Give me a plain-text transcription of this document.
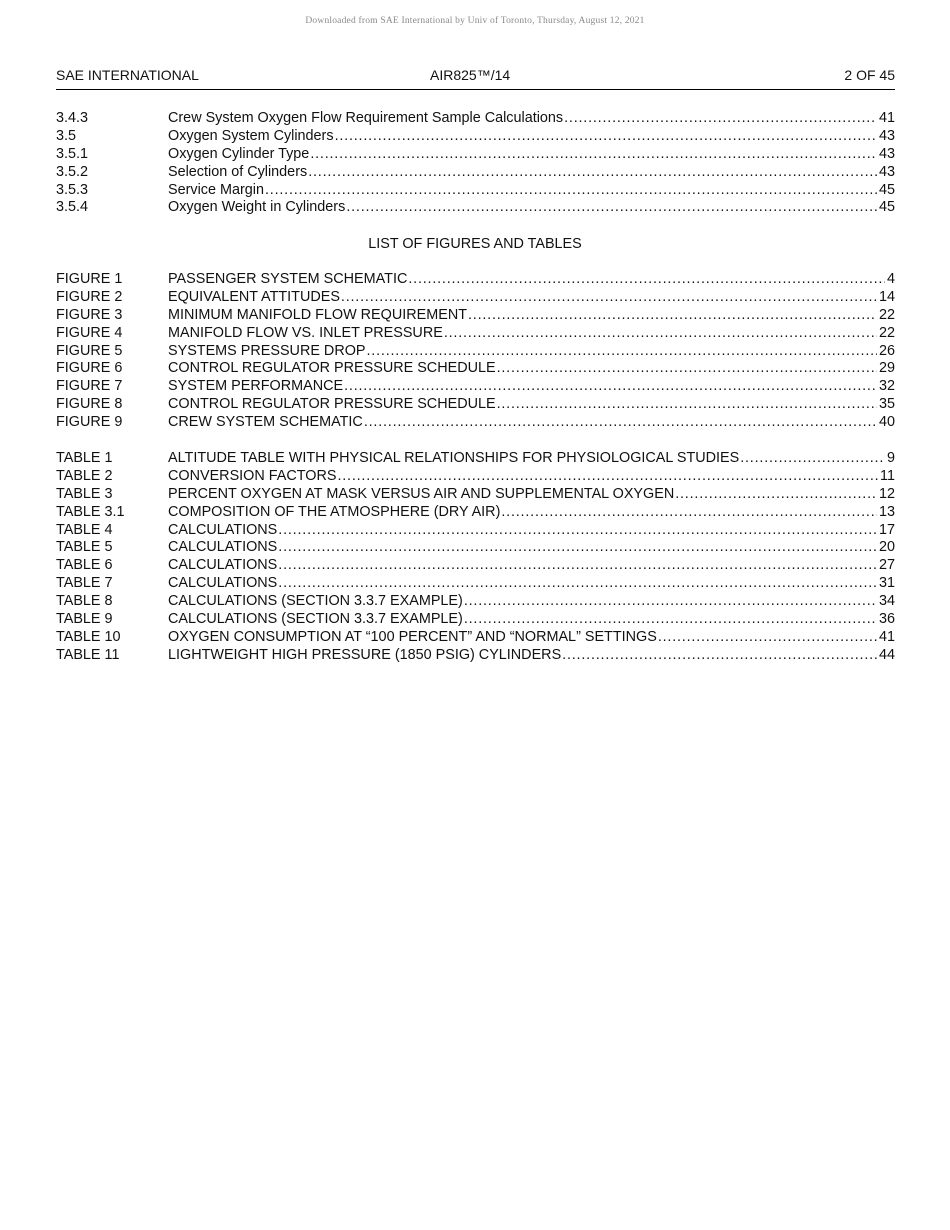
Downloaded from SAE International by Univ of Toronto, Thursday, August 12, 2021
SAE INTERNATIONAL	AIR825™/14	2 OF 45
3.4.3	Crew System Oxygen Flow Requirement Sample Calculations . . .	41
3.5	Oxygen System Cylinders . . .	43
3.5.1	Oxygen Cylinder Type . . .	43
3.5.2	Selection of Cylinders . . .	43
3.5.3	Service Margin . . .	45
3.5.4	Oxygen Weight in Cylinders . . .	45
LIST OF FIGURES AND TABLES
FIGURE 1	PASSENGER SYSTEM SCHEMATIC . . .	4
FIGURE 2	EQUIVALENT ATTITUDES . . .	14
FIGURE 3	MINIMUM MANIFOLD FLOW REQUIREMENT . . .	22
FIGURE 4	MANIFOLD FLOW VS. INLET PRESSURE . . .	22
FIGURE 5	SYSTEMS PRESSURE DROP . . .	26
FIGURE 6	CONTROL REGULATOR PRESSURE SCHEDULE . . .	29
FIGURE 7	SYSTEM PERFORMANCE . . .	32
FIGURE 8	CONTROL REGULATOR PRESSURE SCHEDULE . . .	35
FIGURE 9	CREW SYSTEM SCHEMATIC . . .	40
TABLE 1	ALTITUDE TABLE WITH PHYSICAL RELATIONSHIPS FOR PHYSIOLOGICAL STUDIES . . .	9
TABLE 2	CONVERSION FACTORS . . .	11
TABLE 3	PERCENT OXYGEN AT MASK VERSUS AIR AND SUPPLEMENTAL OXYGEN . . .	12
TABLE 3.1	COMPOSITION OF THE ATMOSPHERE (DRY AIR) . . .	13
TABLE 4	CALCULATIONS . . .	17
TABLE 5	CALCULATIONS . . .	20
TABLE 6	CALCULATIONS . . .	27
TABLE 7	CALCULATIONS . . .	31
TABLE 8	CALCULATIONS (SECTION 3.3.7 EXAMPLE) . . .	34
TABLE 9	CALCULATIONS (SECTION 3.3.7 EXAMPLE) . . .	36
TABLE 10	OXYGEN CONSUMPTION AT “100 PERCENT” AND “NORMAL” SETTINGS . . .	41
TABLE 11	LIGHTWEIGHT HIGH PRESSURE (1850 PSIG) CYLINDERS . . .	44
